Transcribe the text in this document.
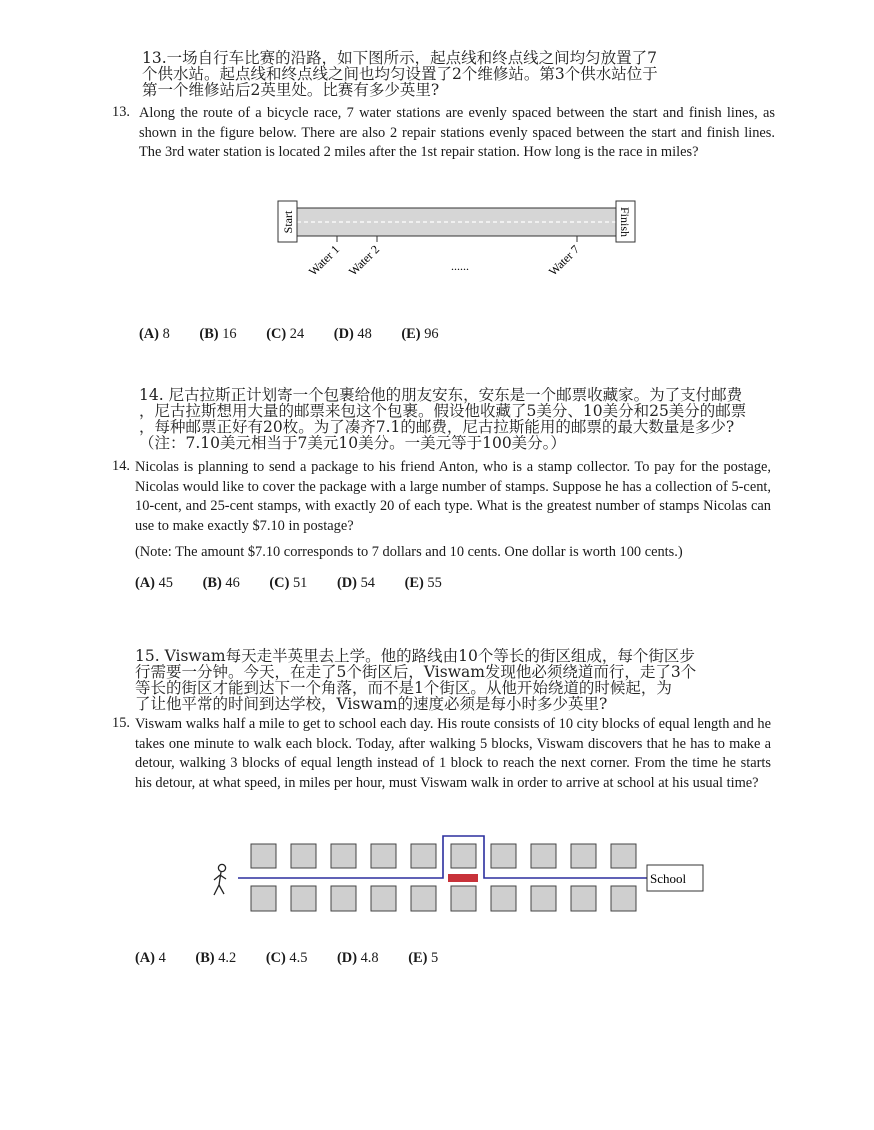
13.一场自行车比赛的沿路，如下图所示，起点线和终点线之间均匀放置了7
个供水站。起点线和终点线之间也均匀设置了2个维修站。第3个供水站位于
第一个维修站后2英里处。比赛有多少英里?
13. Along the route of a bicycle race, 7 water stations are evenly spaced between the start and finish lines, as shown in the figure below. There are also 2 repair stations evenly spaced between the start and finish lines. The 3rd water station is located 2 miles after the 1st repair station. How long is the race in miles?
Start	Finish
Water 1 Water 2	Water 7
......
(A) 8 (B) 16 (C) 24 (D) 48 (E) 96
14. 尼古拉斯正计划寄一个包裹给他的朋友安东，安东是一个邮票收藏家。为了支付邮费
，尼古拉斯想用大量的邮票来包这个包裹。假设他收藏了5美分、10美分和25美分的邮票
，每种邮票正好有20枚。为了凑齐7.1的邮费，尼古拉斯能用的邮票的最大数量是多少?
（注：7.10美元相当于7美元10美分。一美元等于100美分。）
14. Nicolas is planning to send a package to his friend Anton, who is a stamp collector. To pay for the postage, Nicolas would like to cover the package with a large number of stamps. Suppose he has a collection of 5-cent, 10-cent, and 25-cent stamps, with exactly 20 of each type. What is the greatest number of stamps Nicolas can use to make exactly $7.10 in postage?
(Note: The amount $7.10 corresponds to 7 dollars and 10 cents. One dollar is worth 100 cents.)
(A) 45 (B) 46 (C) 51 (D) 54 (E) 55
15. Viswam每天走半英里去上学。他的路线由10个等长的街区组成，每个街区步
行需要一分钟。今天，在走了5个街区后，Viswam发现他必须绕道而行，走了3个
等长的街区才能到达下一个角落，而不是1个街区。从他开始绕道的时候起，为
了让他平常的时间到达学校，Viswam的速度必须是每小时多少英里?
15. Viswam walks half a mile to get to school each day. His route consists of 10 city blocks of equal length and he takes one minute to walk each block. Today, after walking 5 blocks, Viswam discovers that he has to make a detour, walking 3 blocks of equal length instead of 1 block to reach the next corner. From the time he starts his detour, at what speed, in miles per hour, must Viswam walk in order to arrive at school at his usual time?
School
(A) 4 (B) 4.2 (C) 4.5 (D) 4.8 (E) 5
